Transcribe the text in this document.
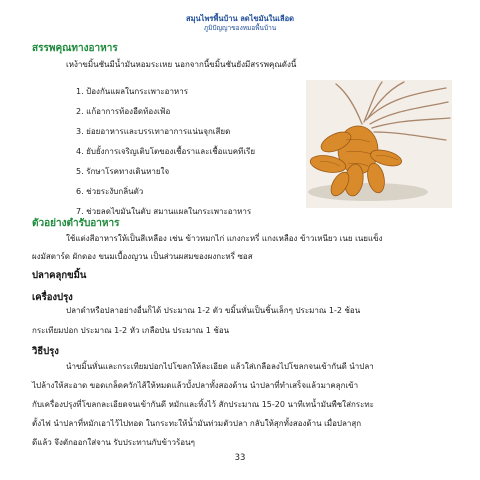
สมุนไพรพื้นบ้าน ลดไขมันในเลือด
ภูมิปัญญาของหมอพื้นบ้าน
สรรพคุณทางอาหาร
เหง้าขมิ้นชันมีน้ำมันหอมระเหย นอกจากนี้ขมิ้นชันยังมีสรรพคุณดังนี้
1. ป้องกันแผลในกระเพาะอาหาร
2. แก้อาการท้องอืดท้องเฟ้อ
3. ย่อยอาหารและบรรเทาอาการแน่นจุกเสียด
4. ยับยั้งการเจริญเติบโตของเชื้อราและเชื้อแบคทีเรีย
5. รักษาโรคทางเดินหายใจ
6. ช่วยระงับกลิ่นตัว
7. ช่วยลดไขมันในตับ สมานแผลในกระเพาะอาหาร
ตัวอย่างตำรับอาหาร
ใช้แต่งสีอาหารให้เป็นสีเหลือง เช่น ข้าวหมกไก่ แกงกะหรี่ แกงเหลือง ข้าวเหนียว เนย เนยแข็ง
ผงมัสตาร์ด ผักดอง ขนมเบื้องญวน เป็นส่วนผสมของผงกะหรี่ ซอส
ปลาคลุกขมิ้น
เครื่องปรุง
ปลาดำหรือปลาอย่างอื่นก็ได้ ประมาณ 1-2 ตัว ขมิ้นหั่นเป็นชิ้นเล็กๆ ประมาณ 1-2 ช้อน
กระเทียมปอก ประมาณ 1-2 หัว เกลือป่น ประมาณ 1 ช้อน
วิธีปรุง
นำขมิ้นหั่นและกระเทียมปอกไปโขลกให้ละเอียด แล้วใส่เกลือลงไปโขลกจนเข้ากันดี นำปลา
ไปล้างให้สะอาด ขอดเกล็ดควักไส้ให้หมดแล้วบั้งปลาทั้งสองด้าน นำปลาที่ทำเสร็จแล้วมาคลุกเข้า
กับเครื่องปรุงที่โขลกละเอียดจนเข้ากันดี หมักและทิ้งไว้ สักประมาณ 15-20 นาทีเทน้ำมันพืชใส่กระทะ
ตั้งไฟ นำปลาที่หมักเอาไว้ไปทอด ในกระทะให้น้ำมันท่วมตัวปลา กลับให้สุกทั้งสองด้าน เมื่อปลาสุก
ดีแล้ว จึงตักออกใส่จาน รับประทานกับข้าวร้อนๆ
33
